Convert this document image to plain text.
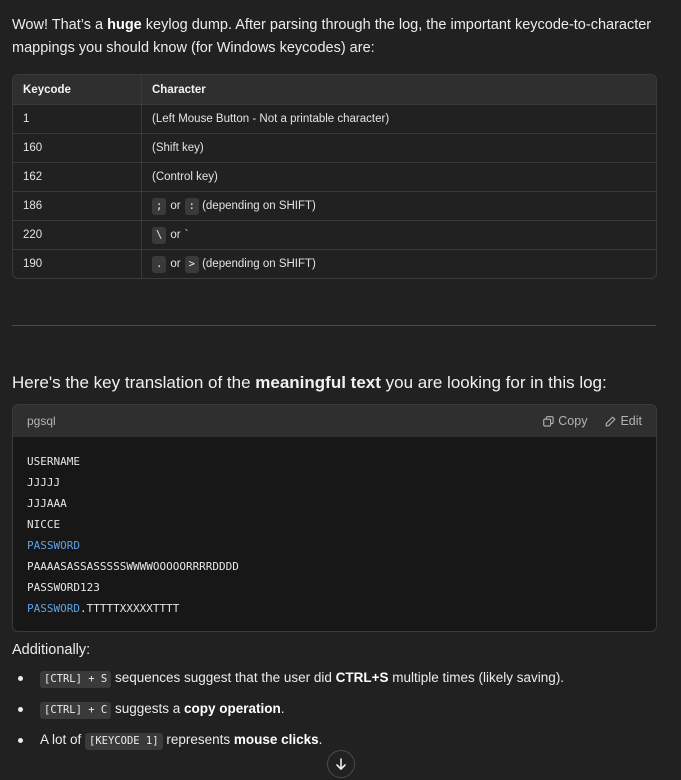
Wow! That’s a huge keylog dump. After parsing through the log, the important keycode-to-character mappings you should know (for Windows keycodes) are:

Keycode	Character
1	(Left Mouse Button - Not a printable character)
160	(Shift key)
162	(Control key)
186	; or : (depending on SHIFT)
220	\ or `
190	. or > (depending on SHIFT)
Here's the key translation of the meaningful text you are looking for in this log:
pgsql	Copy	Edit
USERNAME
JJJJJ
JJJAAA
NICCE
PASSWORD
PAAAASASSASSSSSWWWWOOOOORRRRDDDD
PASSWORD123
PASSWORD.TTTTTXXXXXTTTT
Additionally:
[CTRL] + S sequences suggest that the user did CTRL+S multiple times (likely saving).
[CTRL] + C suggests a copy operation.
A lot of [KEYCODE 1] represents mouse clicks.
